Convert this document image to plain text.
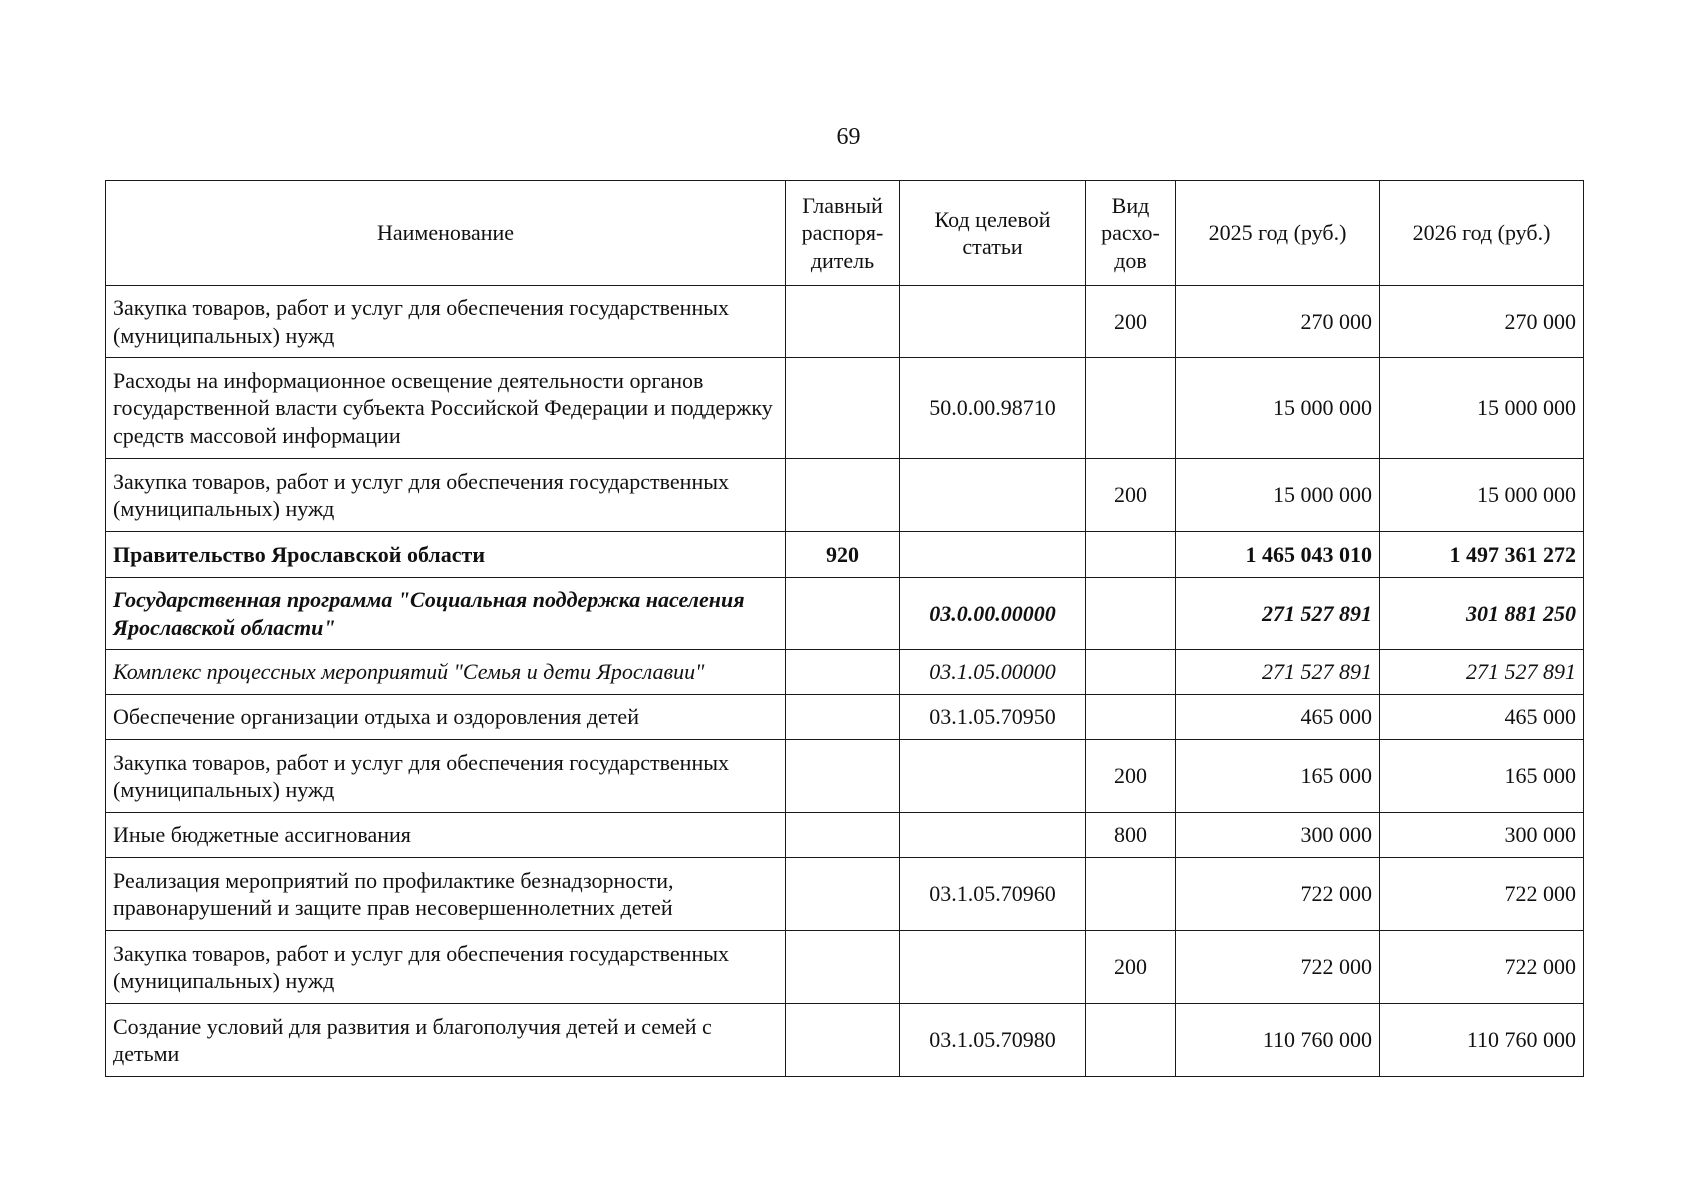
69
Наименование	Главный распоря-дитель	Код целевой статьи	Вид расхо-дов	2025 год (руб.)	2026 год (руб.)
Закупка товаров, работ и услуг для обеспечения государственных (муниципальных) нужд			200	270 000	270 000
Расходы на информационное освещение деятельности органов государственной власти субъекта Российской Федерации и поддержку средств массовой информации		50.0.00.98710		15 000 000	15 000 000
Закупка товаров, работ и услуг для обеспечения государственных (муниципальных) нужд			200	15 000 000	15 000 000
Правительство Ярославской области	920			1 465 043 010	1 497 361 272
Государственная программа "Социальная поддержка населения Ярославской области"		03.0.00.00000		271 527 891	301 881 250
Комплекс процессных мероприятий "Семья и дети Ярославии"		03.1.05.00000		271 527 891	271 527 891
Обеспечение организации отдыха и оздоровления детей		03.1.05.70950		465 000	465 000
Закупка товаров, работ и услуг для обеспечения государственных (муниципальных) нужд			200	165 000	165 000
Иные бюджетные ассигнования			800	300 000	300 000
Реализация мероприятий по профилактике безнадзорности, правонарушений и защите прав несовершеннолетних детей		03.1.05.70960		722 000	722 000
Закупка товаров, работ и услуг для обеспечения государственных (муниципальных) нужд			200	722 000	722 000
Создание условий для развития и благополучия детей и семей с детьми		03.1.05.70980		110 760 000	110 760 000
